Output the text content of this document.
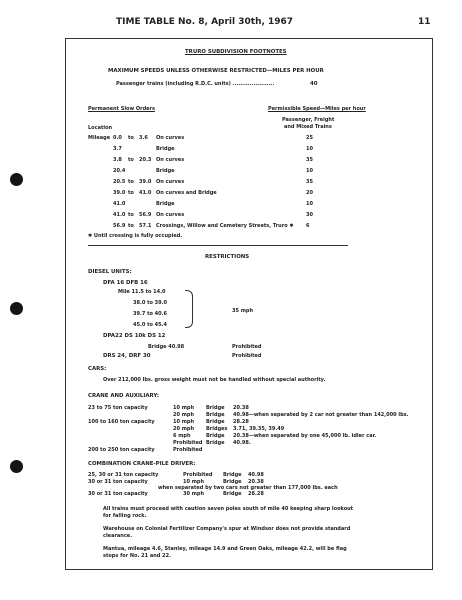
TIME TABLE No. 8, April 30th, 1967	11
TRURO SUBDIVISION FOOTNOTES
MAXIMUM SPEEDS UNLESS OTHERWISE RESTRICTED—MILES PER HOUR
Passenger trains (including R.D.C. units) ......................	40
Permanent Slow Orders	Permissible Speed—Miles per hour
Passenger, Freight
and Mixed Trains
Location
Mileage 0.0 to 3.6 On curves	25
3.7	Bridge	10
3.8 to 20.3 On curves	35
20.4	Bridge	10
20.5 to 39.0 On curves	35
39.0 to 41.0 On curves and Bridge	20
41.0	Bridge	10
41.0 to 56.9 On curves	30
56.9 to 57.1 Crossings, Willow and Cemetery Streets, Truro ✱ 6
✱ Until crossing is fully occupied.
RESTRICTIONS
DIESEL UNITS:
DFA 16 DFB 16
Mile 11.5 to 14.0
38.0 to 39.0
39.7 to 40.6
45.0 to 45.4
35 mph
DPA22 DS 10k DS 12
Bridge 40.98	Prohibited
DRS 24, DRF 30	Prohibited
CARS:
Over 212,000 lbs. gross weight must not be handled without special authority.
CRANE AND AUXILIARY:
23 to 75 ton capacity	10 mph Bridge 20.38
20 mph Bridge 40.98—when separated by 2 car not greater than 142,000 lbs.
100 to 160 ton capacity	10 mph Bridge 28.28
20 mph Bridges 3.71, 39.35, 39.49
6 mph	Bridge 20.38—when separated by one 45,000 lb. idler car.
Prohibited Bridge 40.98.
200 to 250 ton capacity	Prohibited
COMBINATION CRANE-PILE DRIVER:
25, 30 or 31 ton capacity	Prohibited Bridge 40.98
30 or 31 ton capacity	10 mph	Bridge 20.38
when separated by two cars not greater than 177,000 lbs. each
30 or 31 ton capacity	30 mph	Bridge 28.28
All trains must proceed with caution seven poles south of mile 40 keeping sharp lookout
for falling rock.
Warehouse on Colonial Fertilizer Company's spur at Windsor does not provide standard
clearance.
Mantua, mileage 4.6, Stanley, mileage 14.9 and Green Oaks, mileage 42.2, will be flag
stops for No. 21 and 22.
